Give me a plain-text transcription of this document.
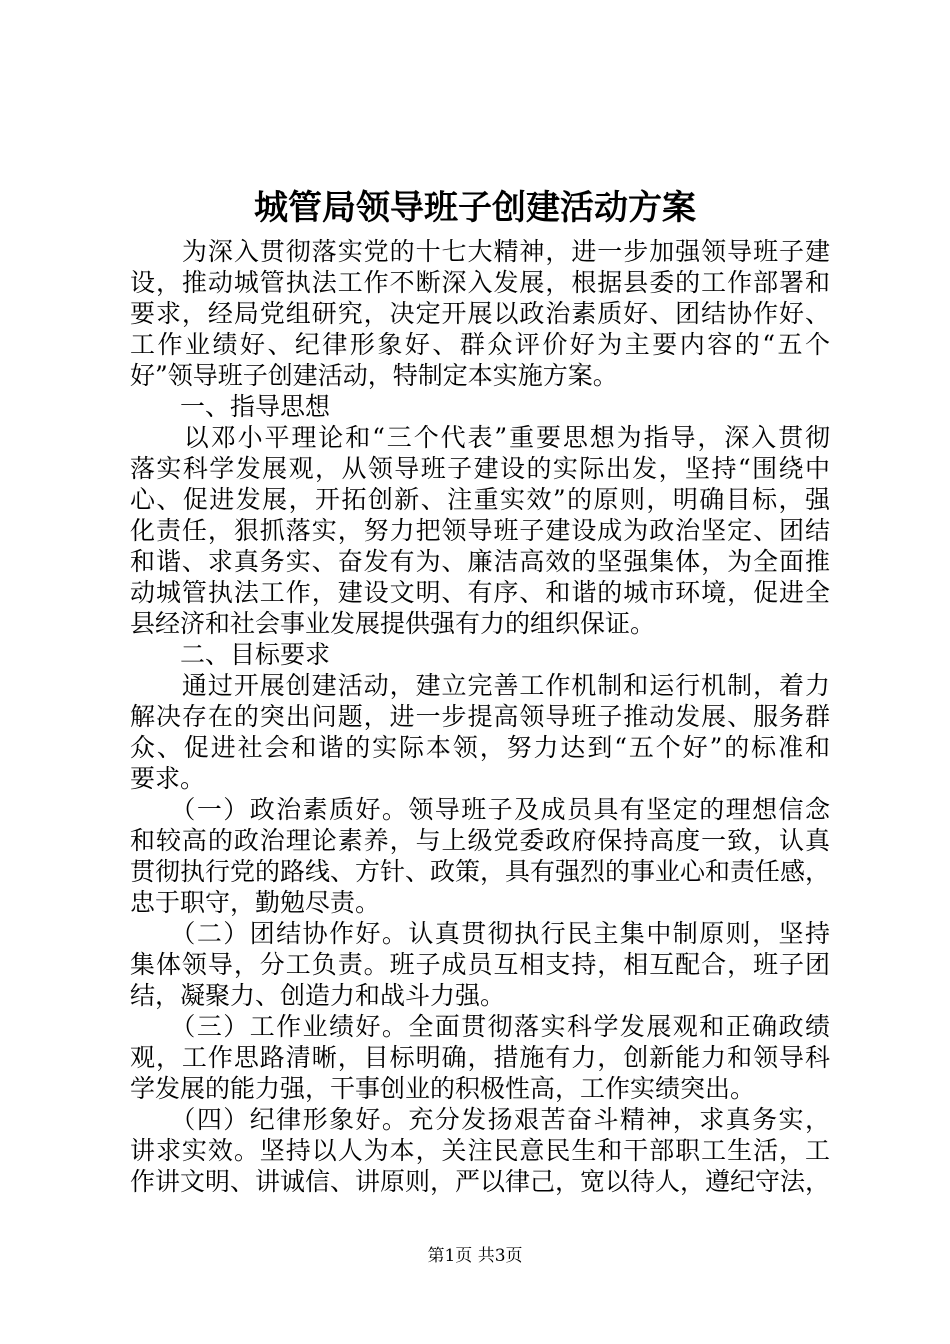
城管局领导班子创建活动方案
　　为深入贯彻落实党的十七大精神，进一步加强领导班子建
设，推动城管执法工作不断深入发展，根据县委的工作部署和
要求，经局党组研究，决定开展以政治素质好、团结协作好、
工作业绩好、纪律形象好、群众评价好为主要内容的“五个
好”领导班子创建活动，特制定本实施方案。
　　一、指导思想
　　以邓小平理论和“三个代表”重要思想为指导，深入贯彻
落实科学发展观，从领导班子建设的实际出发，坚持“围绕中
心、促进发展，开拓创新、注重实效”的原则，明确目标，强
化责任，狠抓落实，努力把领导班子建设成为政治坚定、团结
和谐、求真务实、奋发有为、廉洁高效的坚强集体，为全面推
动城管执法工作，建设文明、有序、和谐的城市环境，促进全
县经济和社会事业发展提供强有力的组织保证。
　　二、目标要求
　　通过开展创建活动，建立完善工作机制和运行机制，着力
解决存在的突出问题，进一步提高领导班子推动发展、服务群
众、促进社会和谐的实际本领，努力达到“五个好”的标准和
要求。
　　（一）政治素质好。领导班子及成员具有坚定的理想信念
和较高的政治理论素养，与上级党委政府保持高度一致，认真
贯彻执行党的路线、方针、政策，具有强烈的事业心和责任感，
忠于职守，勤勉尽责。
　　（二）团结协作好。认真贯彻执行民主集中制原则，坚持
集体领导，分工负责。班子成员互相支持，相互配合，班子团
结，凝聚力、创造力和战斗力强。
　　（三）工作业绩好。全面贯彻落实科学发展观和正确政绩
观，工作思路清晰，目标明确，措施有力，创新能力和领导科
学发展的能力强，干事创业的积极性高，工作实绩突出。
　　（四）纪律形象好。充分发扬艰苦奋斗精神，求真务实，
讲求实效。坚持以人为本，关注民意民生和干部职工生活，工
作讲文明、讲诚信、讲原则，严以律己，宽以待人，遵纪守法，
第1页 共3页
